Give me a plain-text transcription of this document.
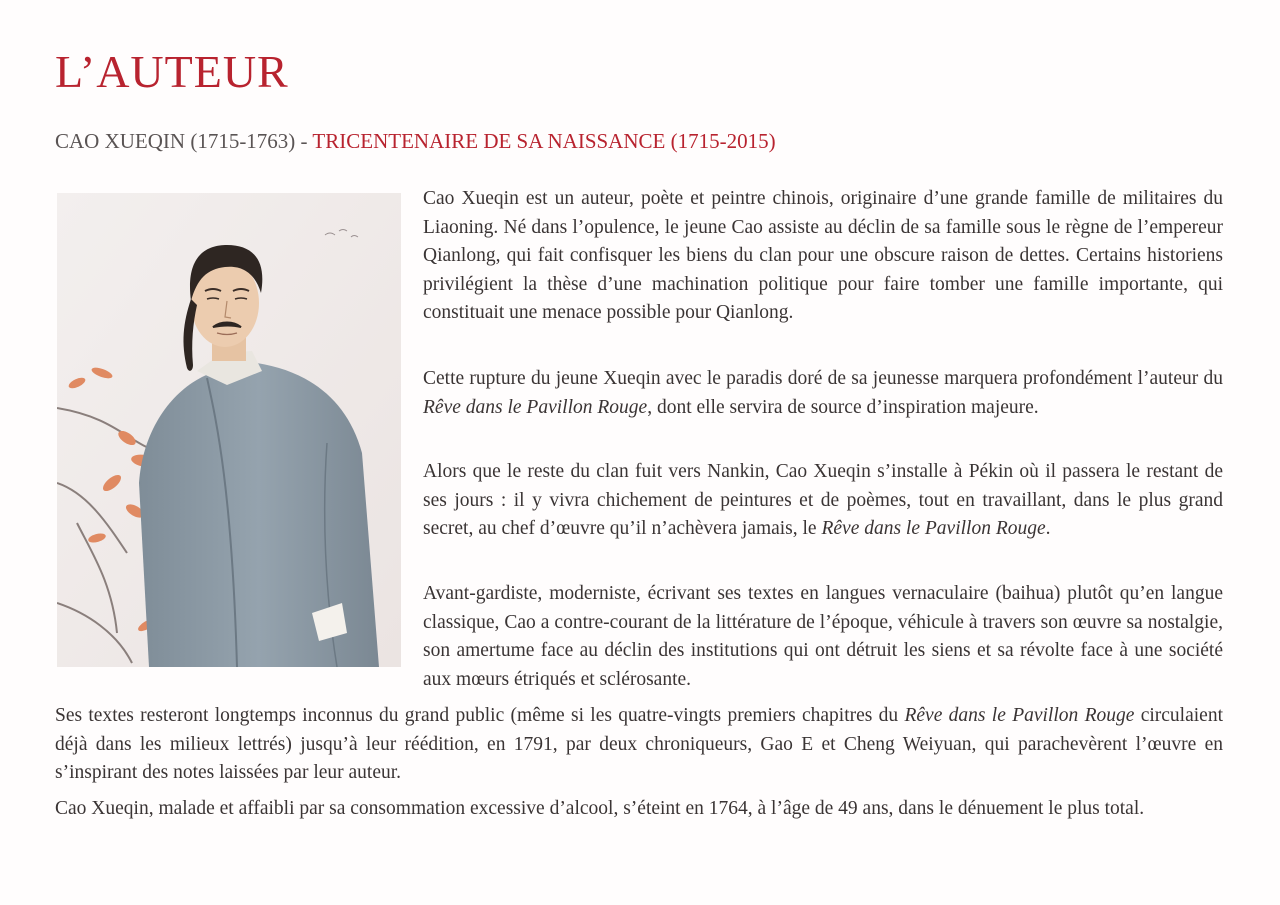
L’AUTEUR

CAO XUEQIN (1715-1763) - TRICENTENAIRE DE SA NAISSANCE (1715-2015)

Cao Xueqin est un auteur, poète et peintre chinois, originaire d’une grande famille de militaires du Liaoning. Né dans l’opulence, le jeune Cao assiste au déclin de sa famille sous le règne de l’empereur Qianlong, qui fait confisquer les biens du clan pour une obscure raison de dettes. Certains historiens privilégient la thèse d’une machination politique pour faire tomber une famille importante, qui constituait une menace possible pour Qianlong.

Cette rupture du jeune Xueqin avec le paradis doré de sa jeunesse marquera profondément l’auteur du Rêve dans le Pavillon Rouge, dont elle servira de source d’inspiration majeure.

Alors que le reste du clan fuit vers Nankin, Cao Xueqin s’installe à Pékin où il passera le restant de ses jours : il y vivra chichement de peintures et de poèmes, tout en travaillant, dans le plus grand secret, au chef d’œuvre qu’il n’achèvera jamais, le Rêve dans le Pavillon Rouge.

Avant-gardiste, moderniste, écrivant ses textes en langues vernaculaire (baihua) plutôt qu’en langue classique, Cao a contre-courant de la littérature de l’époque, véhicule à travers son œuvre sa nostalgie, son amertume face au déclin des institutions qui ont détruit les siens et sa révolte face à une société aux mœurs étriqués et sclérosante.

Ses textes resteront longtemps inconnus du grand public (même si les quatre-vingts premiers chapitres du Rêve dans le Pavillon Rouge circulaient déjà dans les milieux lettrés) jusqu’à leur réédition, en 1791, par deux chroniqueurs, Gao E et Cheng Weiyuan, qui parachevèrent l’œuvre en s’inspirant des notes laissées par leur auteur.

Cao Xueqin, malade et affaibli par sa consommation excessive d’alcool, s’éteint en 1764, à l’âge de 49 ans, dans le dénuement le plus total.
